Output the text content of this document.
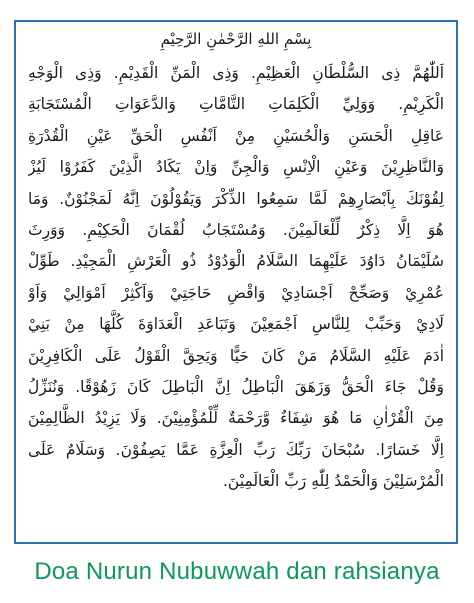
بِسْمِ اللهِ الرَّحْمٰنِ الرَّحِيْمِ
اَللّٰهُمَّ ذِى السُّلْطَانِ الْعَظِيْمِ. وَذِى الْمَنِّ الْقَدِيْمِ. وَذِى الْوَجْهِ
الْكَرِيْمِ. وَوَلِيِّ الْكَلِمَاتِ التَّامَّاتِ وَالدَّعَوَاتِ الْمُسْتَجَابَةِ
عَاقِلِ الْحَسَنِ وَالْحُسَيْنِ مِنْ اَنْفُسِ الْحَقِّ عَيْنِ الْقُدْرَةِ
وَالنَّاظِرِيْنَ وَعَيْنِ الْاِنْسِ وَالْجِنِّ وَاِنْ يَكَادُ الَّذِيْنَ كَفَرُوْا لَيُزْ
لِقُوْنَكَ بِاَبْصَارِهِمْ لَمَّا سَمِعُوا الذِّكْرَ وَيَقُوْلُوْنَ اِنَّهُ لَمَجْنُوْنٌ. وَمَا
هُوَ اِلَّا ذِكْرٌ لِّلْعَالَمِيْنَ. وَمُسْتَجَابُ لُقْمَانَ الْحَكِيْمِ. وَوَرِثَ
سُلَيْمَانُ دَاوُدَ عَلَيْهِمَا السَّلَامُ الْوَدُوْدُ ذُو الْعَرْشِ الْمَجِيْدِ. طَوِّلْ
عُمْرِيْ وَصَحِّحْ اَجْسَادِيْ وَاقْضِ حَاجَتِيْ وَاَكْثِرْ اَمْوَالِيْ وَاَوْ
لَادِيْ وَحَبِّبْ لِلنَّاسِ اَجْمَعِيْنَ وَتَبَاعَدِ الْعَدَاوَةَ كُلَّهَا مِنْ بَنِيْ
اٰدَمَ عَلَيْهِ السَّلَامُ مَنْ كَانَ حَيًّا وَيَحِقَّ الْقَوْلُ عَلَى الْكَافِرِيْنَ
وَقُلْ جَاءَ الْحَقُّ وَزَهَقَ الْبَاطِلُ اِنَّ الْبَاطِلَ كَانَ زَهُوْقًا. وَنُنَزِّلُ
مِنَ الْقُرْاٰنِ مَا هُوَ شِفَاءٌ وَّرَحْمَةٌ لِّلْمُؤْمِنِيْنَ. وَلَا يَزِيْدُ الظَّالِمِيْنَ
اِلَّا خَسَارًا. سُبْحَانَ رَبِّكَ رَبِّ الْعِزَّةِ عَمَّا يَصِفُوْنَ. وَسَلَامٌ عَلَى
الْمُرْسَلِيْنَ وَالْحَمْدُ لِلّٰهِ رَبِّ الْعَالَمِيْنَ.
Doa Nurun Nubuwwah dan rahsianya
